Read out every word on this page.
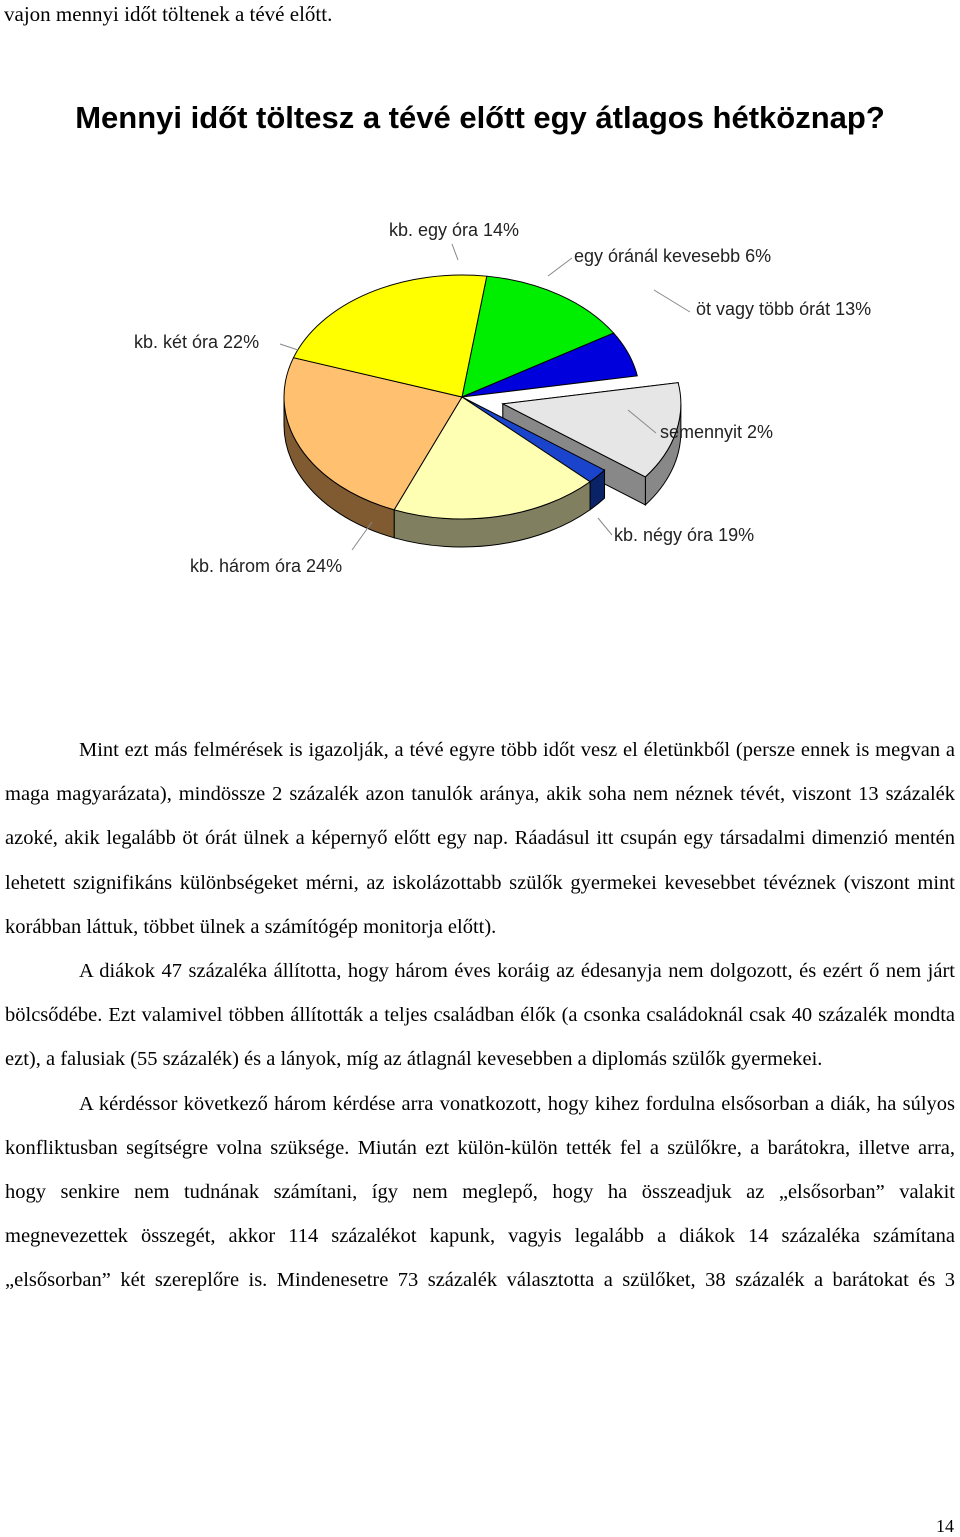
vajon mennyi időt töltenek a tévé előtt.
Mennyi időt töltesz a tévé előtt egy átlagos hétköznap?
kb. egy óra 14%
egy óránál kevesebb 6%
öt vagy több órát 13%
semennyit 2%
kb. négy óra 19%
kb. három óra 24%
kb. két óra 22%

Mint ezt más felmérések is igazolják, a tévé egyre több időt vesz el életünkből (persze ennek is megvan a maga magyarázata), mindössze 2 százalék azon tanulók aránya, akik soha nem néznek tévét, viszont 13 százalék azoké, akik legalább öt órát ülnek a képernyő előtt egy nap. Ráadásul itt csupán egy társadalmi dimenzió mentén lehetett szignifikáns különbségeket mérni, az iskolázottabb szülők gyermekei kevesebbet tévéznek (viszont mint korábban láttuk, többet ülnek a számítógép monitorja előtt).

A diákok 47 százaléka állította, hogy három éves koráig az édesanyja nem dolgozott, és ezért ő nem járt bölcsődébe. Ezt valamivel többen állították a teljes családban élők (a csonka családoknál csak 40 százalék mondta ezt), a falusiak (55 százalék) és a lányok, míg az átlagnál kevesebben a diplomás szülők gyermekei.

A kérdéssor következő három kérdése arra vonatkozott, hogy kihez fordulna elsősorban a diák, ha súlyos konfliktusban segítségre volna szüksége. Miután ezt külön-külön tették fel a szülőkre, a barátokra, illetve arra, hogy senkire nem tudnának számítani, így nem meglepő, hogy ha összeadjuk az „elsősorban” valakit megnevezettek összegét, akkor 114 százalékot kapunk, vagyis legalább a diákok 14 százaléka számítana „elsősorban” két szereplőre is. Mindenesetre 73 százalék választotta a szülőket, 38 százalék a barátokat és 3

14
